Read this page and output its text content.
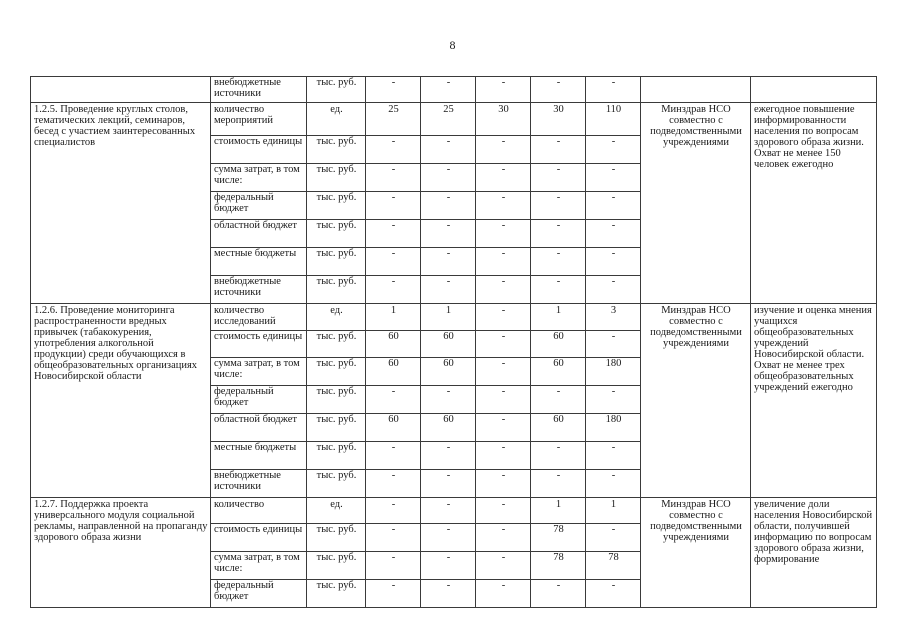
8
	внебюджетные источники	тыс. руб.	-	-	-	-	-		
1.2.5. Проведение круглых столов, тематических лекций, семинаров, бесед с участием заинтересованных специалистов	количество мероприятий	ед.	25	25	30	30	110	Минздрав НСО совместно с подведомственными учреждениями	ежегодное повышение информированности населения по вопросам здорового образа жизни. Охват не менее 150 человек ежегодно
	стоимость единицы	тыс. руб.	-	-	-	-	-		
	сумма затрат, в том числе:	тыс. руб.	-	-	-	-	-		
	федеральный бюджет	тыс. руб.	-	-	-	-	-		
	областной бюджет	тыс. руб.	-	-	-	-	-		
	местные бюджеты	тыс. руб.	-	-	-	-	-		
	внебюджетные источники	тыс. руб.	-	-	-	-	-		
1.2.6. Проведение мониторинга распространенности вредных привычек (табакокурения, употребления алкогольной продукции) среди обучающихся в общеобразовательных организациях Новосибирской области	количество исследований	ед.	1	1	-	1	3	Минздрав НСО совместно с подведомственными учреждениями	изучение и оценка мнения учащихся общеобразовательных учреждений Новосибирской области. Охват не менее трех общеобразовательных учреждений ежегодно
	стоимость единицы	тыс. руб.	60	60	-	60	-		
	сумма затрат, в том числе:	тыс. руб.	60	60	-	60	180		
	федеральный бюджет	тыс. руб.	-	-	-	-	-		
	областной бюджет	тыс. руб.	60	60	-	60	180		
	местные бюджеты	тыс. руб.	-	-	-	-	-		
	внебюджетные источники	тыс. руб.	-	-	-	-	-		
1.2.7. Поддержка проекта универсального модуля социальной рекламы, направленной на пропаганду здорового образа жизни	количество	ед.	-	-	-	1	1	Минздрав НСО совместно с подведомственными учреждениями	увеличение доли населения Новосибирской области, получившей информацию по вопросам здорового образа жизни, формирование
	стоимость единицы	тыс. руб.	-	-	-	78	-		
	сумма затрат, в том числе:	тыс. руб.	-	-	-	78	78		
	федеральный бюджет	тыс. руб.	-	-	-	-	-		
